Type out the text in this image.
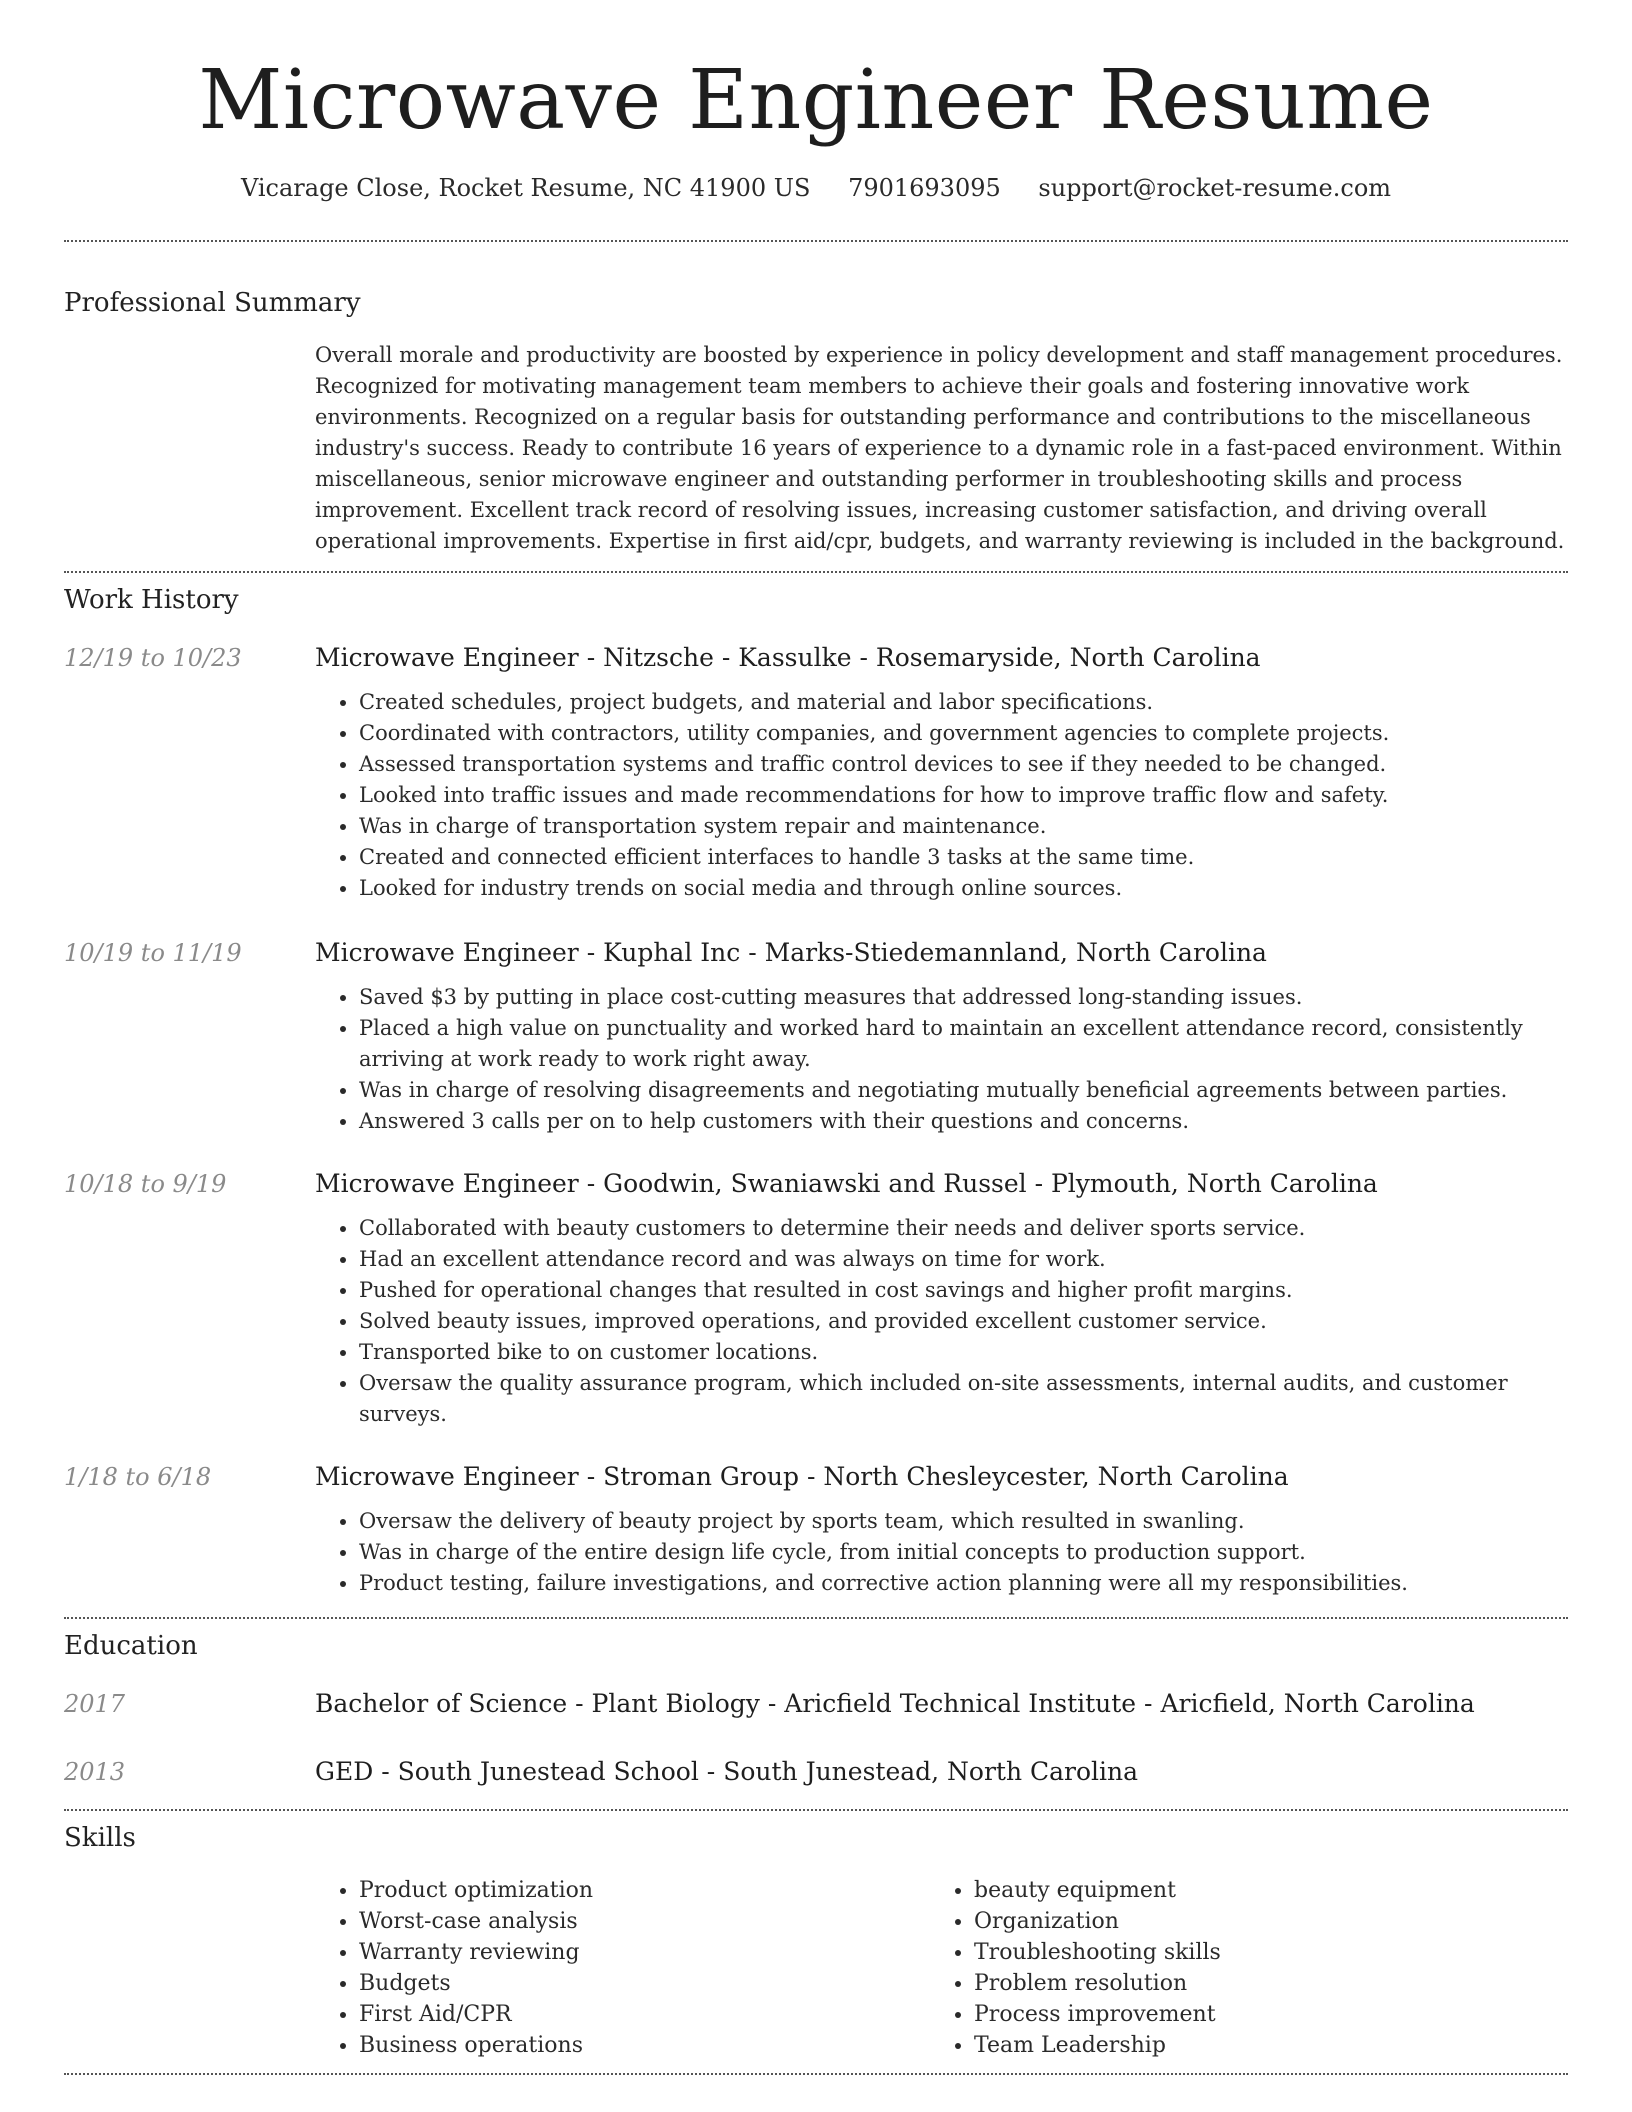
Microwave Engineer Resume
Vicarage Close, Rocket Resume, NC 41900 US 7901693095 support@rocket-resume.com
Professional Summary

Overall morale and productivity are boosted by experience in policy development and staff management procedures. Recognized for motivating management team members to achieve their goals and fostering innovative work environments. Recognized on a regular basis for outstanding performance and contributions to the miscellaneous industry's success. Ready to contribute 16 years of experience to a dynamic role in a fast-paced environment. Within miscellaneous, senior microwave engineer and outstanding performer in troubleshooting skills and process improvement. Excellent track record of resolving issues, increasing customer satisfaction, and driving overall operational improvements. Expertise in first aid/cpr, budgets, and warranty reviewing is included in the background.

Work History
12/19 to 10/23	Microwave Engineer - Nitzsche - Kassulke - Rosemaryside, North Carolina
• Created schedules, project budgets, and material and labor specifications.
• Coordinated with contractors, utility companies, and government agencies to complete projects.
• Assessed transportation systems and traffic control devices to see if they needed to be changed.
• Looked into traffic issues and made recommendations for how to improve traffic flow and safety.
• Was in charge of transportation system repair and maintenance.
• Created and connected efficient interfaces to handle 3 tasks at the same time.
• Looked for industry trends on social media and through online sources.
10/19 to 11/19	Microwave Engineer - Kuphal Inc - Marks-Stiedemannland, North Carolina
• Saved $3 by putting in place cost-cutting measures that addressed long-standing issues.
• Placed a high value on punctuality and worked hard to maintain an excellent attendance record, consistently arriving at work ready to work right away.
• Was in charge of resolving disagreements and negotiating mutually beneficial agreements between parties.
• Answered 3 calls per on to help customers with their questions and concerns.
10/18 to 9/19	Microwave Engineer - Goodwin, Swaniawski and Russel - Plymouth, North Carolina
• Collaborated with beauty customers to determine their needs and deliver sports service.
• Had an excellent attendance record and was always on time for work.
• Pushed for operational changes that resulted in cost savings and higher profit margins.
• Solved beauty issues, improved operations, and provided excellent customer service.
• Transported bike to on customer locations.
• Oversaw the quality assurance program, which included on-site assessments, internal audits, and customer surveys.
1/18 to 6/18	Microwave Engineer - Stroman Group - North Chesleycester, North Carolina
• Oversaw the delivery of beauty project by sports team, which resulted in swanling.
• Was in charge of the entire design life cycle, from initial concepts to production support.
• Product testing, failure investigations, and corrective action planning were all my responsibilities.
Education
2017	Bachelor of Science - Plant Biology - Aricfield Technical Institute - Aricfield, North Carolina
2013	GED - South Junestead School - South Junestead, North Carolina
Skills
• Product optimization
• Worst-case analysis
• Warranty reviewing
• Budgets
• First Aid/CPR
• Business operations
• beauty equipment
• Organization
• Troubleshooting skills
• Problem resolution
• Process improvement
• Team Leadership
